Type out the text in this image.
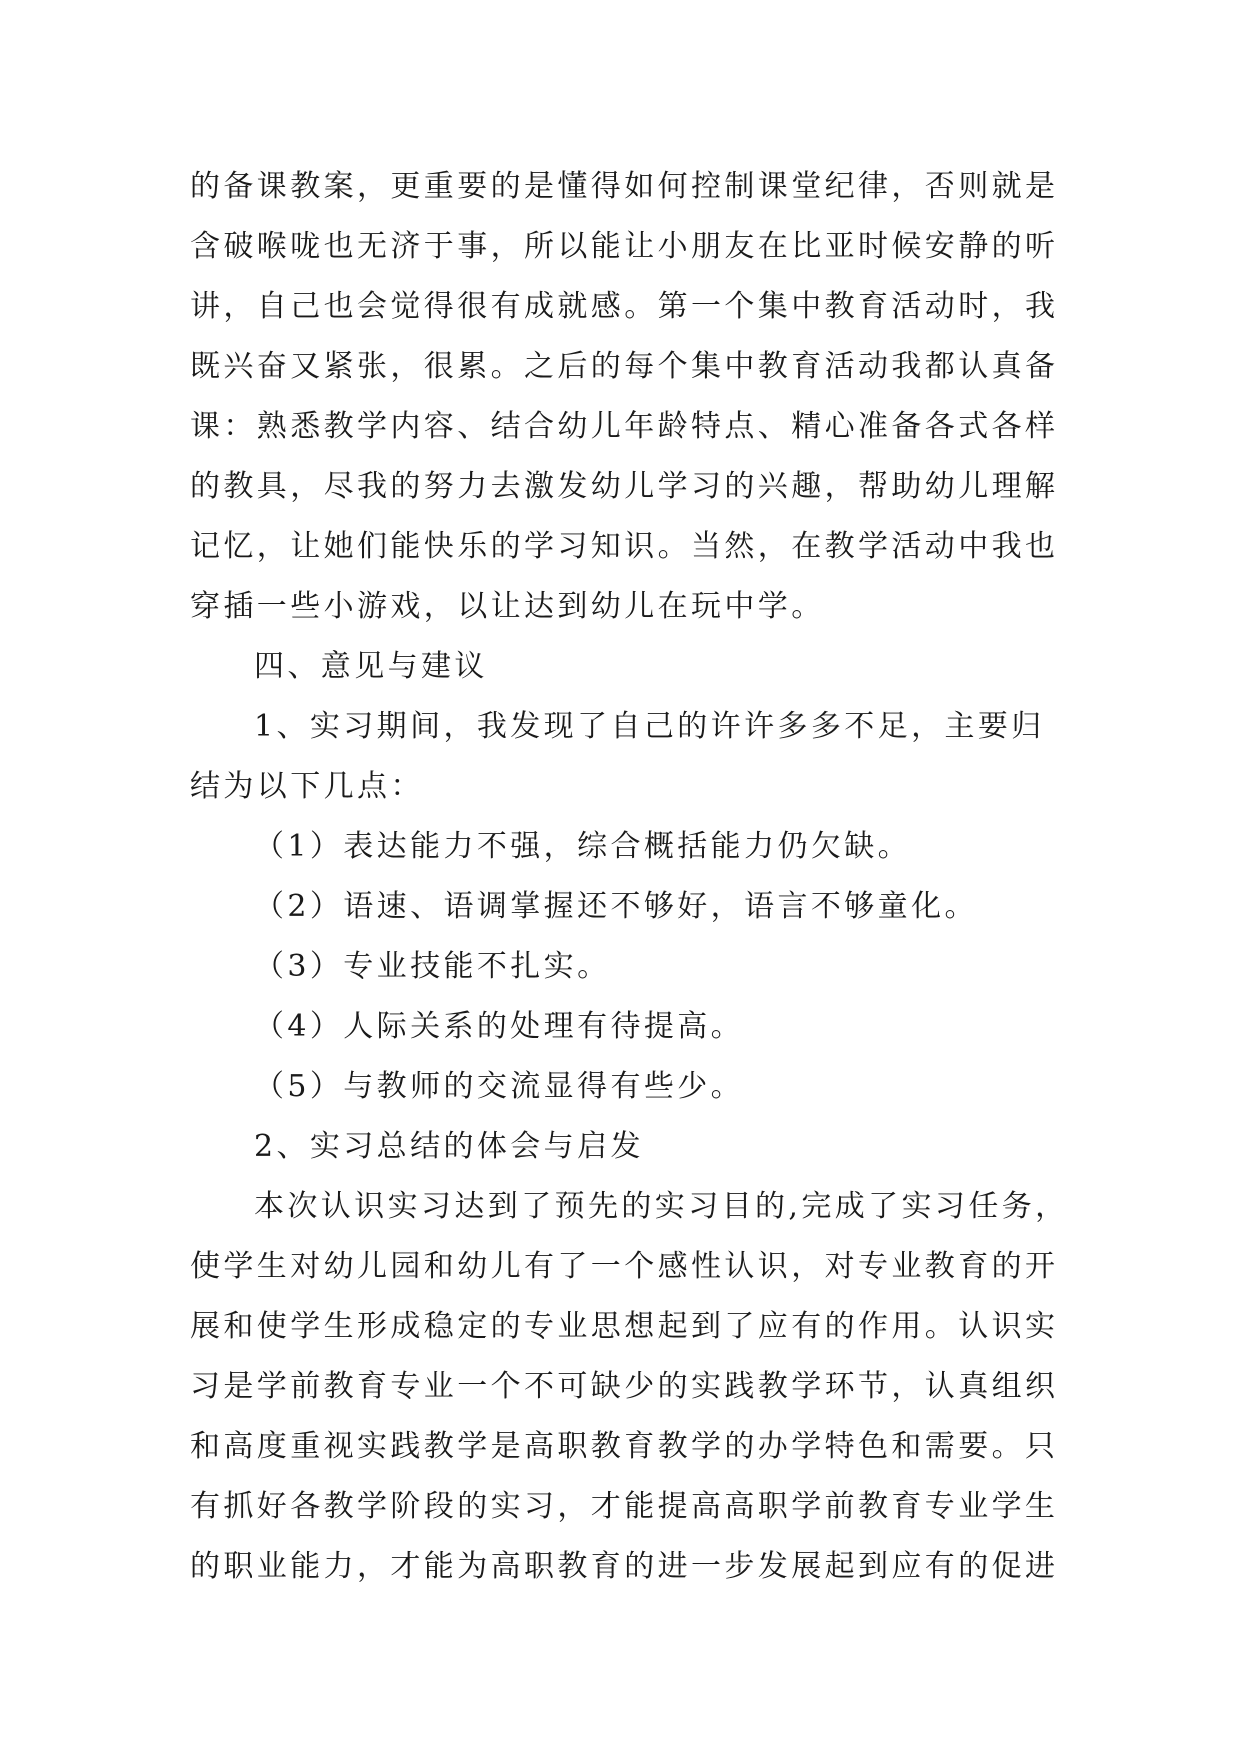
的备课教案，更重要的是懂得如何控制课堂纪律，否则就是
含破喉咙也无济于事，所以能让小朋友在比亚时候安静的听
讲，自己也会觉得很有成就感。第一个集中教育活动时，我
既兴奋又紧张，很累。之后的每个集中教育活动我都认真备
课：熟悉教学内容、结合幼儿年龄特点、精心准备各式各样
的教具，尽我的努力去激发幼儿学习的兴趣，帮助幼儿理解
记忆，让她们能快乐的学习知识。当然，在教学活动中我也
穿插一些小游戏，以让达到幼儿在玩中学。
四、意见与建议
1、实习期间，我发现了自己的许许多多不足，主要归
结为以下几点：
（1）表达能力不强，综合概括能力仍欠缺。
（2）语速、语调掌握还不够好，语言不够童化。
（3）专业技能不扎实。
（4）人际关系的处理有待提高。
（5）与教师的交流显得有些少。
2、实习总结的体会与启发
本次认识实习达到了预先的实习目的,完成了实习任务，
使学生对幼儿园和幼儿有了一个感性认识，对专业教育的开
展和使学生形成稳定的专业思想起到了应有的作用。认识实
习是学前教育专业一个不可缺少的实践教学环节，认真组织
和高度重视实践教学是高职教育教学的办学特色和需要。只
有抓好各教学阶段的实习，才能提高高职学前教育专业学生
的职业能力，才能为高职教育的进一步发展起到应有的促进
